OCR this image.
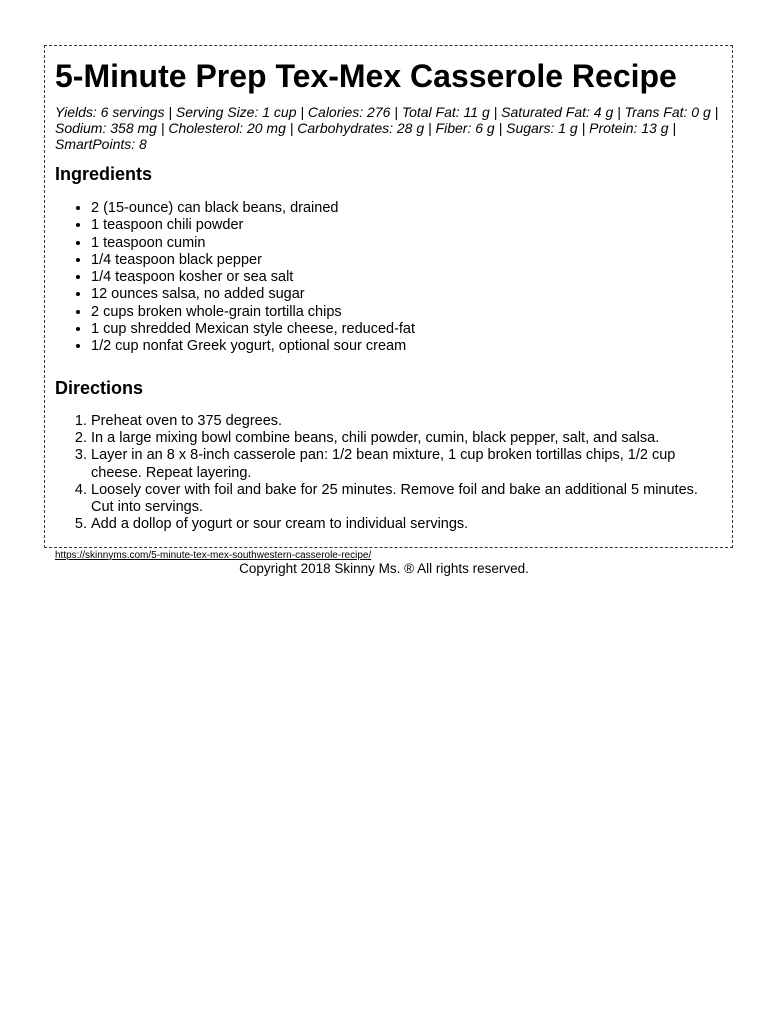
5-Minute Prep Tex-Mex Casserole Recipe

Yields: 6 servings | Serving Size: 1 cup | Calories: 276 | Total Fat: 11 g | Saturated Fat: 4 g | Trans Fat: 0 g | Sodium: 358 mg | Cholesterol: 20 mg | Carbohydrates: 28 g | Fiber: 6 g | Sugars: 1 g | Protein: 13 g | SmartPoints: 8

Ingredients
• 2 (15-ounce) can black beans, drained
• 1 teaspoon chili powder
• 1 teaspoon cumin
• 1/4 teaspoon black pepper
• 1/4 teaspoon kosher or sea salt
• 12 ounces salsa, no added sugar
• 2 cups broken whole-grain tortilla chips
• 1 cup shredded Mexican style cheese, reduced-fat
• 1/2 cup nonfat Greek yogurt, optional sour cream
Directions
1. Preheat oven to 375 degrees.
2. In a large mixing bowl combine beans, chili powder, cumin, black pepper, salt, and salsa.
3. Layer in an 8 x 8-inch casserole pan: 1/2 bean mixture, 1 cup broken tortillas chips, 1/2 cup cheese. Repeat layering.
4. Loosely cover with foil and bake for 25 minutes. Remove foil and bake an additional 5 minutes. Cut into servings.
5. Add a dollop of yogurt or sour cream to individual servings.
https://skinnyms.com/5-minute-tex-mex-southwestern-casserole-recipe/
Copyright 2018 Skinny Ms. ® All rights reserved.
